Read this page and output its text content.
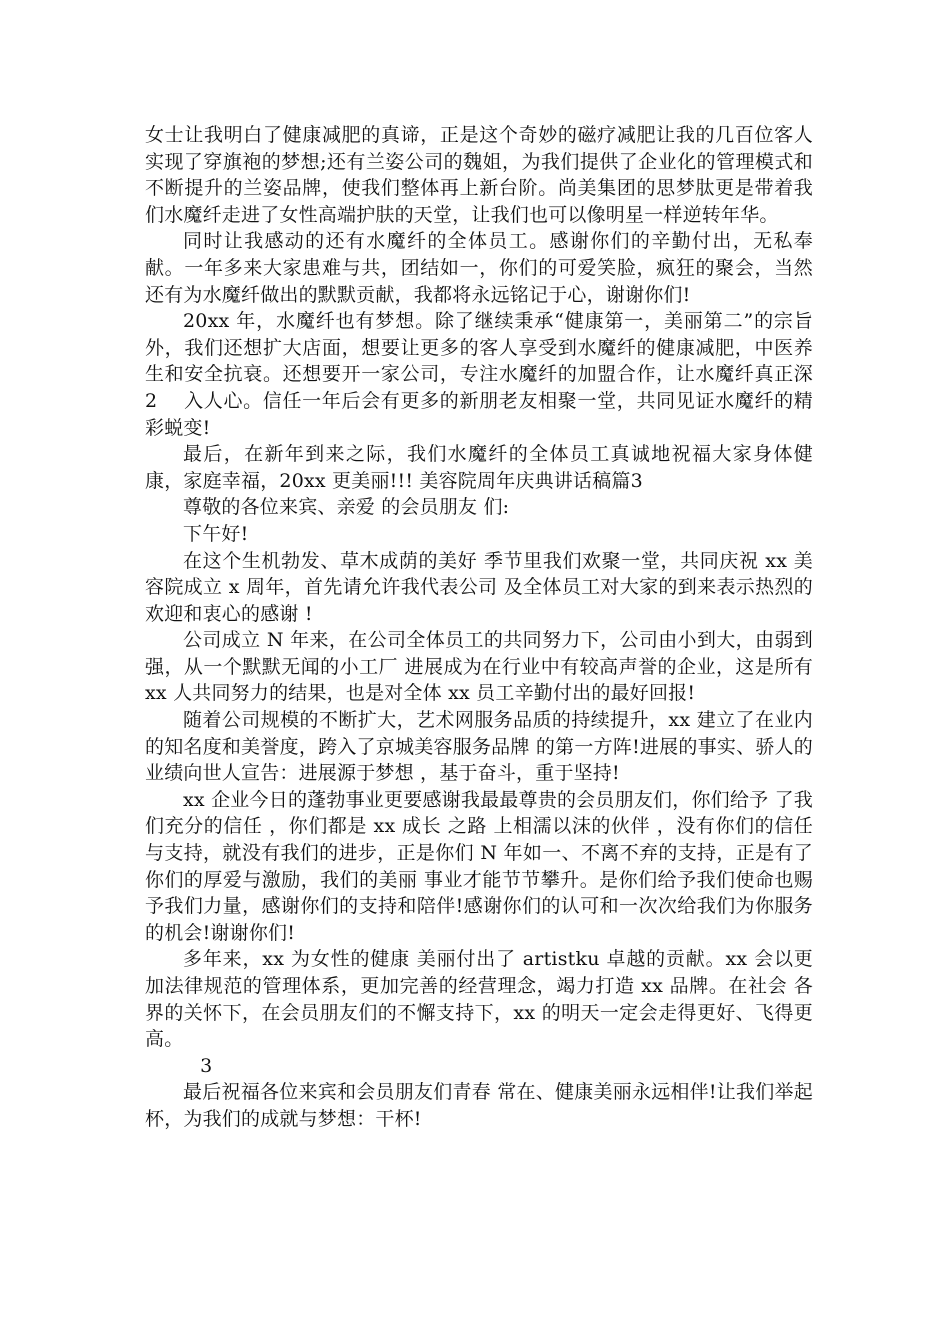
女士让我明白了健康减肥的真谛，正是这个奇妙的磁疗减肥让我的几百位客人实现了穿旗袍的梦想;还有兰姿公司的魏姐，为我们提供了企业化的管理模式和不断提升的兰姿品牌，使我们整体再上新台阶。尚美集团的思梦肽更是带着我们水魔纤走进了女性高端护肤的天堂，让我们也可以像明星一样逆转年华。

同时让我感动的还有水魔纤的全体员工。感谢你们的辛勤付出，无私奉献。一年多来大家患难与共，团结如一，你们的可爱笑脸，疯狂的聚会，当然还有为水魔纤做出的默默贡献，我都将永远铭记于心，谢谢你们!

20xx 年，水魔纤也有梦想。除了继续秉承“健康第一，美丽第二”的宗旨外，我们还想扩大店面，想要让更多的客人享受到水魔纤的健康减肥，中医养生和安全抗衰。还想要开一家公司，专注水魔纤的加盟合作，让水魔纤真正深 2　 入人心。信任一年后会有更多的新朋老友相聚一堂，共同见证水魔纤的精彩蜕变!

最后，在新年到来之际，我们水魔纤的全体员工真诚地祝福大家身体健康，家庭幸福，20xx 更美丽!!! 美容院周年庆典讲话稿篇3

尊敬的各位来宾、亲爱 的会员朋友 们:

下午好!

在这个生机勃发、草木成荫的美好 季节里我们欢聚一堂，共同庆祝 xx 美容院成立 x 周年，首先请允许我代表公司 及全体员工对大家的到来表示热烈的欢迎和衷心的感谢 !

公司成立 N 年来，在公司全体员工的共同努力下，公司由小到大，由弱到强，从一个默默无闻的小工厂 进展成为在行业中有较高声誉的企业，这是所有 xx 人共同努力的结果，也是对全体 xx 员工辛勤付出的最好回报!

随着公司规模的不断扩大，艺术网服务品质的持续提升，xx 建立了在业内的知名度和美誉度，跨入了京城美容服务品牌 的第一方阵!进展的事实、骄人的业绩向世人宣告：进展源于梦想 ，基于奋斗，重于坚持!

xx 企业今日的蓬勃事业更要感谢我最最尊贵的会员朋友们，你们给予 了我们充分的信任 ，你们都是 xx 成长 之路 上相濡以沫的伙伴 ，没有你们的信任与支持，就没有我们的进步，正是你们 N 年如一、不离不弃的支持，正是有了你们的厚爱与激励，我们的美丽 事业才能节节攀升。是你们给予我们使命也赐予我们力量，感谢你们的支持和陪伴!感谢你们的认可和一次次给我们为你服务的机会!谢谢你们!

多年来，xx 为女性的健康 美丽付出了 artistku 卓越的贡献。xx 会以更加法律规范的管理体系，更加完善的经营理念，竭力打造 xx 品牌。在社会 各界的关怀下，在会员朋友们的不懈支持下，xx 的明天一定会走得更好、飞得更高。

3

最后祝福各位来宾和会员朋友们青春 常在、健康美丽永远相伴!让我们举起杯，为我们的成就与梦想：干杯!
